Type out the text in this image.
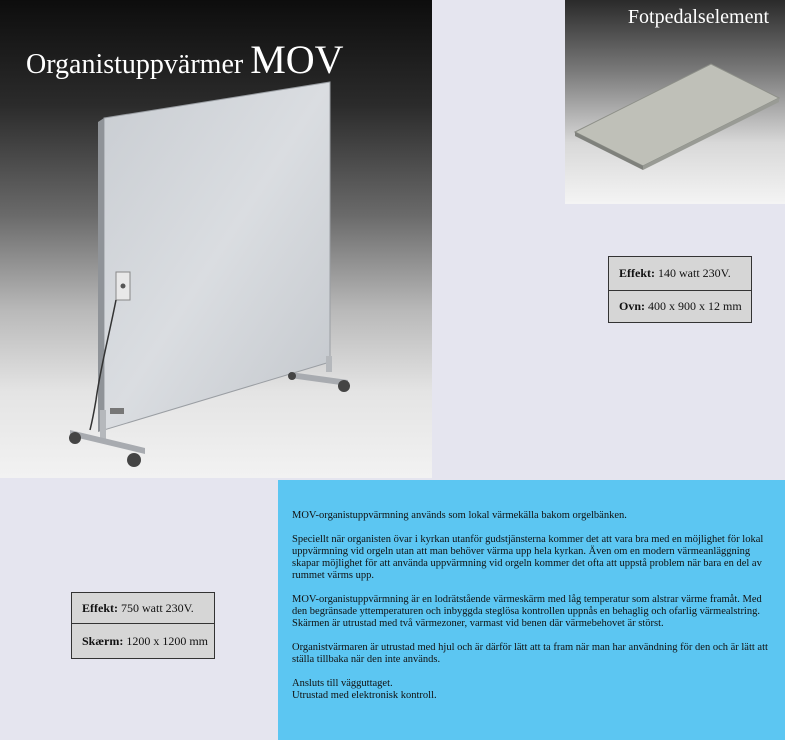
Organistuppvärmer MOV
Fotpedalselement
Effekt: 140 watt 230V.
Ovn: 400 x 900 x 12 mm
Effekt: 750 watt 230V.
Skærm: 1200 x 1200 mm

MOV-organistuppvärmning används som lokal värmekälla bakom orgelbänken.

Speciellt när organisten övar i kyrkan utanför gudstjänsterna kommer det att vara bra med en möjlighet för lokal uppvärmning vid orgeln utan att man behöver värma upp hela kyrkan. Även om en modern värmeanläggning skapar möjlighet för att använda uppvärmning vid orgeln kommer det ofta att uppstå problem när bara en del av rummet värms upp.

MOV-organistuppvärmning är en lodrätstående värmeskärm med låg temperatur som alstrar värme framåt. Med den begränsade yttemperaturen och inbyggda steglösa kontrollen uppnås en behaglig och ofarlig värmealstring. Skärmen är utrustad med två värmezoner, varmast vid benen där värmebehovet är störst.

Organistvärmaren är utrustad med hjul och är därför lätt att ta fram när man har användning för den och är lätt att ställa tillbaka när den inte används.

Ansluts till vägguttaget.

Utrustad med elektronisk kontroll.
